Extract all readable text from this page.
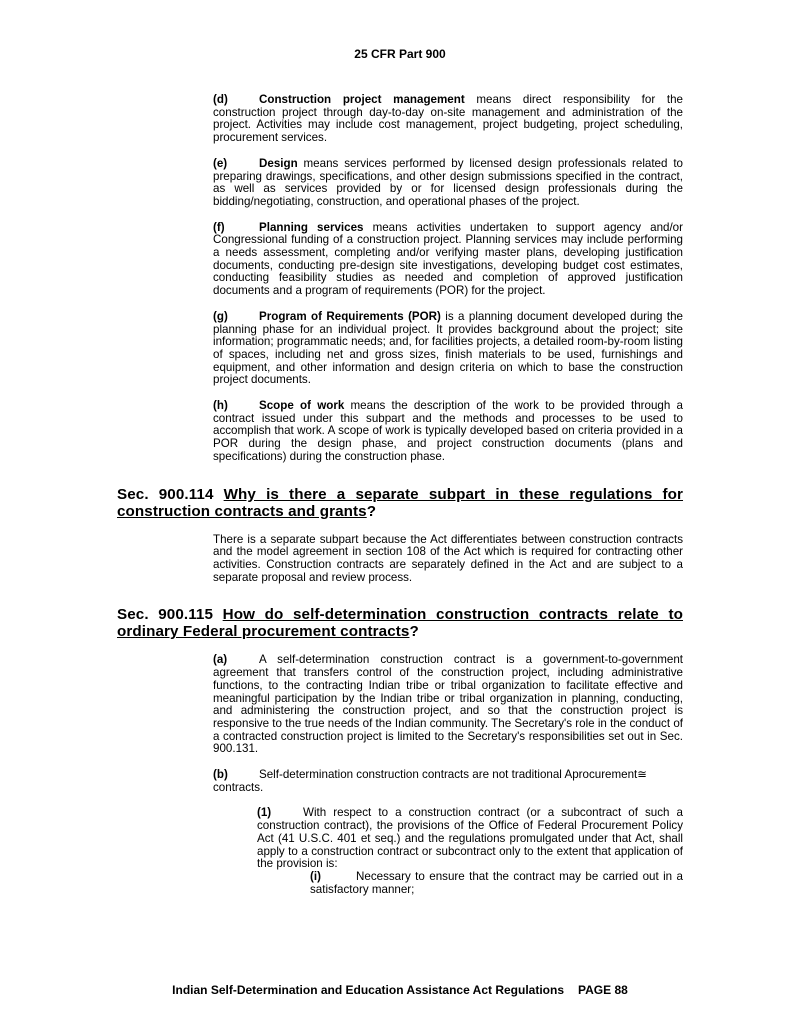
25 CFR Part 900

(d)	Construction project management means direct responsibility for the construction project through day-to-day on-site management and administration of the project. Activities may include cost management, project budgeting, project scheduling, procurement services.

(e)	Design means services performed by licensed design professionals related to preparing drawings, specifications, and other design submissions specified in the contract, as well as services provided by or for licensed design professionals during the bidding/negotiating, construction, and operational phases of the project.

(f)	Planning services means activities undertaken to support agency and/or Congressional funding of a construction project. Planning services may include performing a needs assessment, completing and/or verifying master plans, developing justification documents, conducting pre-design site investigations, developing budget cost estimates, conducting feasibility studies as needed and completion of approved justification documents and a program of requirements (POR) for the project.

(g)	Program of Requirements (POR) is a planning document developed during the planning phase for an individual project. It provides background about the project; site information; programmatic needs; and, for facilities projects, a detailed room-by-room listing of spaces, including net and gross sizes, finish materials to be used, furnishings and equipment, and other information and design criteria on which to base the construction project documents.

(h)	Scope of work means the description of the work to be provided through a contract issued under this subpart and the methods and processes to be used to accomplish that work. A scope of work is typically developed based on criteria provided in a POR during the design phase, and project construction documents (plans and specifications) during the construction phase.

Sec. 900.114 Why is there a separate subpart in these regulations for construction contracts and grants?

There is a separate subpart because the Act differentiates between construction contracts and the model agreement in section 108 of the Act which is required for contracting other activities. Construction contracts are separately defined in the Act and are subject to a separate proposal and review process.

Sec. 900.115 How do self-determination construction contracts relate to ordinary Federal procurement contracts?

(a)	A self-determination construction contract is a government-to-government agreement that transfers control of the construction project, including administrative functions, to the contracting Indian tribe or tribal organization to facilitate effective and meaningful participation by the Indian tribe or tribal organization in planning, conducting, and administering the construction project, and so that the construction project is responsive to the true needs of the Indian community. The Secretary's role in the conduct of a contracted construction project is limited to the Secretary's responsibilities set out in Sec. 900.131.

(b)	Self-determination construction contracts are not traditional Aprocurement≅ contracts.

(1)	With respect to a construction contract (or a subcontract of such a construction contract), the provisions of the Office of Federal Procurement Policy Act (41 U.S.C. 401 et seq.) and the regulations promulgated under that Act, shall apply to a construction contract or subcontract only to the extent that application of the provision is:

(i)	Necessary to ensure that the contract may be carried out in a satisfactory manner;

Indian Self-Determination and Education Assistance Act Regulations PAGE 88
